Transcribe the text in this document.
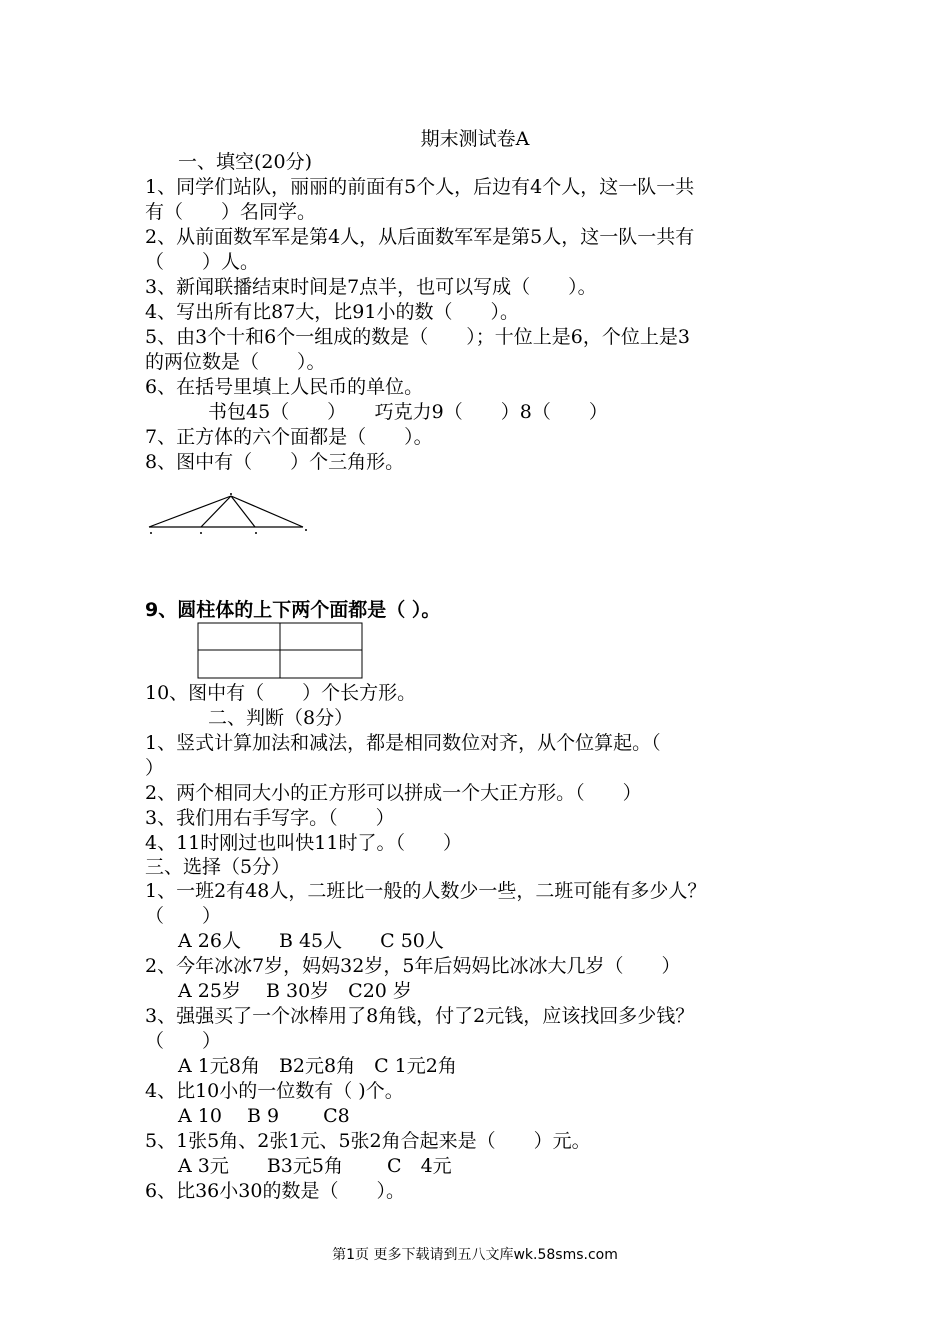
期末测试卷A
一、填空(20分)
1、同学们站队，丽丽的前面有5个人，后边有4个人，这一队一共
有（　　）名同学。
2、从前面数军军是第4人，从后面数军军是第5人，这一队一共有
（　　）人。
3、新闻联播结束时间是7点半，也可以写成（　　）。
4、写出所有比87大，比91小的数（　　）。
5、由3个十和6个一组成的数是（　　）；十位上是6，个位上是3
的两位数是（　　）。
6、在括号里填上人民币的单位。
书包45（　　）　　巧克力9（　　）8（　　）
7、正方体的六个面都是（　　）。
8、图中有（　　）个三角形。
9、圆柱体的上下两个面都是（ ）。
10、图中有（　　）个长方形。
二、判断（8分）
1、竖式计算加法和减法，都是相同数位对齐，从个位算起。（
）
2、两个相同大小的正方形可以拼成一个大正方形。（　　）
3、我们用右手写字。（　　）
4、11时刚过也叫快11时了。（　　）
三、选择（5分）
1、一班2有48人，二班比一般的人数少一些，二班可能有多少人？
（　　）
A 26人　　B 45人　　C 50人
2、今年冰冰7岁，妈妈32岁，5年后妈妈比冰冰大几岁（　　）
A 25岁　 B 30岁　C20 岁
3、强强买了一个冰棒用了8角钱，付了2元钱，应该找回多少钱？
（　　）
A 1元8角　B2元8角　C 1元2角
4、比10小的一位数有（ )个。
A 10　 B 9　　 C8
5、1张5角、2张1元、5张2角合起来是（　　）元。
A 3元　　B3元5角　　 C　4元
6、比36小30的数是（　　）。
第1页 更多下载请到五八文库wk.58sms.com
